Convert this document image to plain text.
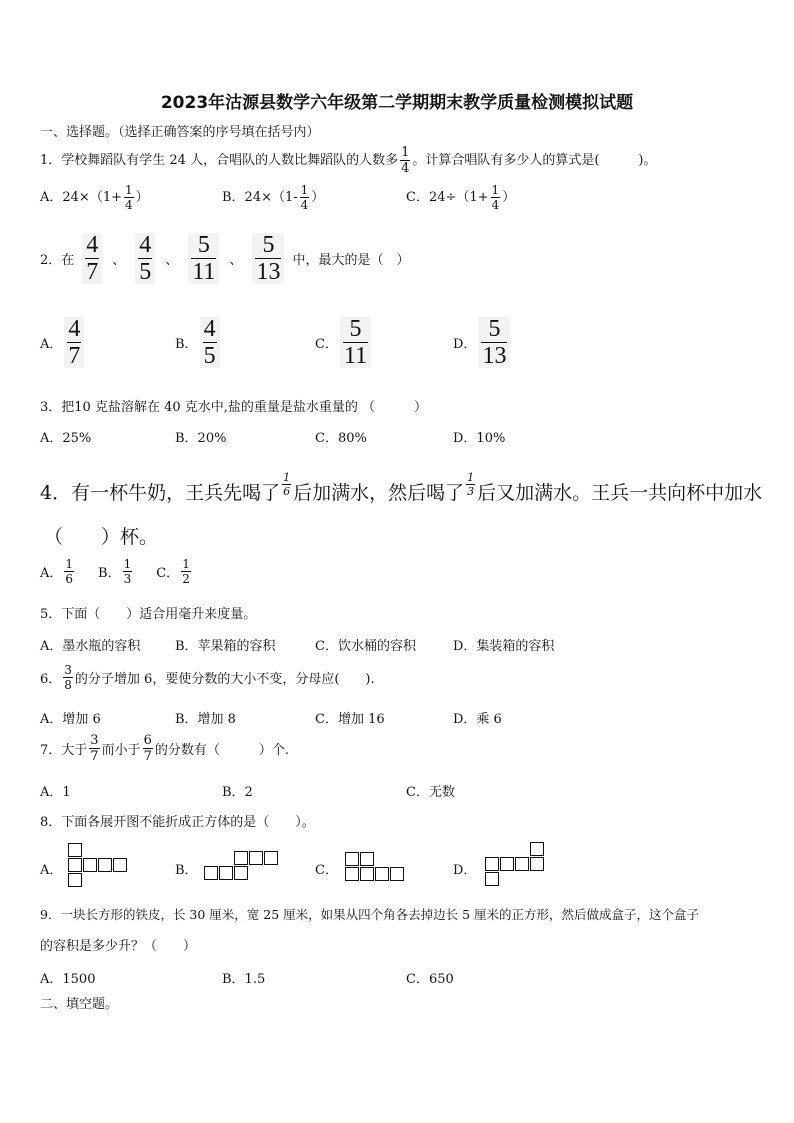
2023年沽源县数学六年级第二学期期末教学质量检测模拟试题
一、选择题。（选择正确答案的序号填在括号内）
1．学校舞蹈队有学生 24 人，合唱队的人数比舞蹈队的人数多 $\frac{1}{4}$ 。计算合唱队有多少人的算式是(　　　)。
A．$24\times(1+ \frac{1}{4}$ ）	B．$24\times(1- \frac{1}{4}$ ）	C．$24\div(1+ \frac{1}{4}$ ）
2．在 $\frac{4}{7}$ 、 $\frac{4}{5}$ 、 $\frac{5}{11}$ 、 $\frac{5}{13}$ 中，最大的是（　）
A． $\frac{4}{7}$	B． $\frac{4}{5}$	C． $\frac{5}{11}$	D． $\frac{5}{13}$
3．把10 克盐溶解在 40 克水中,盐的重量是盐水重量的 （　　　）
A．25%	B．20%	C．80%	D．10%
4．有一杯牛奶，王兵先喝了 $\frac{1}{6}$ 后加满水，然后喝了 $\frac{1}{3}$ 后又加满水。王兵一共向杯中加水
（　　）杯。
A． $\frac{1}{6}$ B． $\frac{1}{3}$ C． $\frac{1}{2}$
5．下面（　　）适合用毫升来度量。
A．墨水瓶的容积	B．苹果箱的容积	C．饮水桶的容积	D．集装箱的容积
6． $\frac{3}{8}$ 的分子增加 6，要使分数的大小不变，分母应(　　).
A．增加 6	B．增加 8	C．增加 16	D．乘 6
7．大于 $\frac{3}{7}$ 而小于 $\frac{6}{7}$ 的分数有（　　　）个.
A．1	B．2	C．无数
8．下面各展开图不能折成正方体的是（　　）。
A．	B．	C．	D．
9．一块长方形的铁皮，长 30 厘米，宽 25 厘米，如果从四个角各去掉边长 5 厘米的正方形，然后做成盒子，这个盒子
的容积是多少升？（　　）
A．1500	B．1.5	C．650
二、填空题。
